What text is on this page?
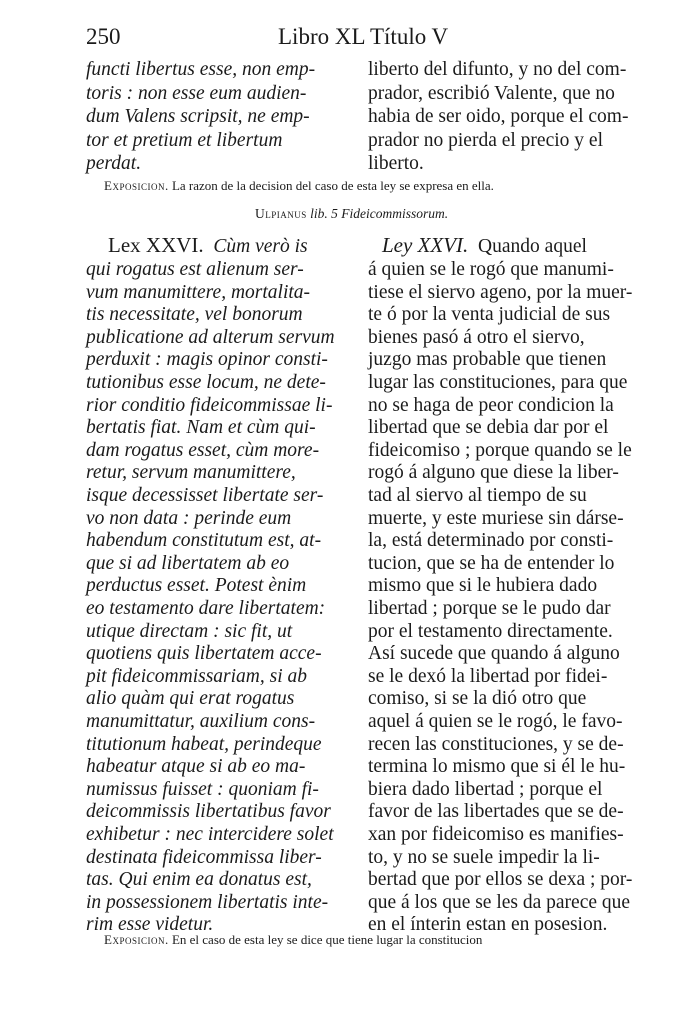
250	Libro XL Título V
functi libertus esse, non emp-
toris : non esse eum audien-
dum Valens scripsit, ne emp-
tor et pretium et libertum
perdat.
liberto del difunto, y no del com-
prador, escribió Valente, que no
habia de ser oido, porque el com-
prador no pierda el precio y el
liberto.
Exposicion. La razon de la decision del caso de esta ley se expresa en ella.
Ulpianus lib. 5 Fideicommissorum.
Lex XXVI. Cùm verò is
qui rogatus est alienum ser-
vum manumittere, mortalita-
tis necessitate, vel bonorum
publicatione ad alterum servum
perduxit : magis opinor consti-
tutionibus esse locum, ne dete-
rior conditio fideicommissae li-
bertatis fiat. Nam et cùm qui-
dam rogatus esset, cùm more-
retur, servum manumittere,
isque decessisset libertate ser-
vo non data : perinde eum
habendum constitutum est, at-
que si ad libertatem ab eo
perductus esset. Potest ènim
eo testamento dare libertatem:
utique directam : sic fit, ut
quotiens quis libertatem acce-
pit fideicommissariam, si ab
alio quàm qui erat rogatus
manumittatur, auxilium cons-
titutionum habeat, perindeque
habeatur atque si ab eo ma-
numissus fuisset : quoniam fi-
deicommissis libertatibus favor
exhibetur : nec intercidere solet
destinata fideicommissa liber-
tas. Qui enim ea donatus est,
in possessionem libertatis inte-
rim esse videtur.
Ley XXVI. Quando aquel
á quien se le rogó que manumi-
tiese el siervo ageno, por la muer-
te ó por la venta judicial de sus
bienes pasó á otro el siervo,
juzgo mas probable que tienen
lugar las constituciones, para que
no se haga de peor condicion la
libertad que se debia dar por el
fideicomiso ; porque quando se le
rogó á alguno que diese la liber-
tad al siervo al tiempo de su
muerte, y este muriese sin dárse-
la, está determinado por consti-
tucion, que se ha de entender lo
mismo que si le hubiera dado
libertad ; porque se le pudo dar
por el testamento directamente.
Así sucede que quando á alguno
se le dexó la libertad por fidei-
comiso, si se la dió otro que
aquel á quien se le rogó, le favo-
recen las constituciones, y se de-
termina lo mismo que si él le hu-
biera dado libertad ; porque el
favor de las libertades que se de-
xan por fideicomiso es manifies-
to, y no se suele impedir la li-
bertad que por ellos se dexa ; por-
que á los que se les da parece que
en el ínterin estan en posesion.
Exposicion. En el caso de esta ley se dice que tiene lugar la constitucion
